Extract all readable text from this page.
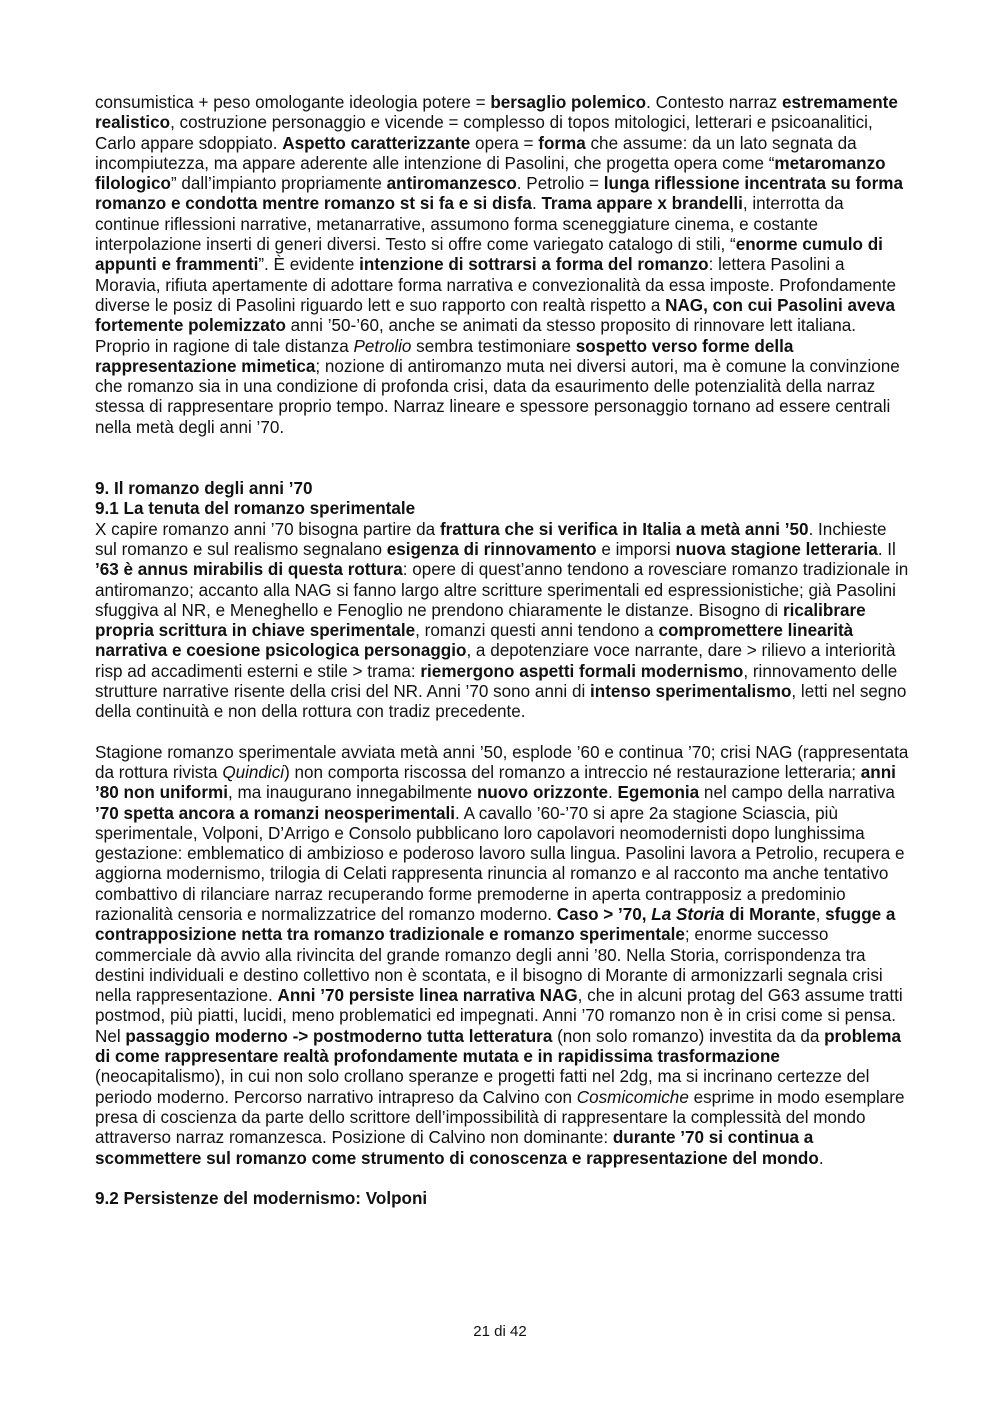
consumistica + peso omologante ideologia potere = bersaglio polemico. Contesto narraz estremamente realistico, costruzione personaggio e vicende = complesso di topos mitologici, letterari e psicoanalitici, Carlo appare sdoppiato. Aspetto caratterizzante opera = forma che assume: da un lato segnata da incompiutezza, ma appare aderente alle intenzione di Pasolini, che progetta opera come “metaromanzo filologico” dall’impianto propriamente antiromanzesco. Petrolio = lunga riflessione incentrata su forma romanzo e condotta mentre romanzo st si fa e si disfa. Trama appare x brandelli, interrotta da continue riflessioni narrative, metanarrative, assumono forma sceneggiature cinema, e costante interpolazione inserti di generi diversi. Testo si offre come variegato catalogo di stili, “enorme cumulo di appunti e frammenti”. È evidente intenzione di sottrarsi a forma del romanzo: lettera Pasolini a Moravia, rifiuta apertamente di adottare forma narrativa e convezionalità da essa imposte. Profondamente diverse le posiz di Pasolini riguardo lett e suo rapporto con realtà rispetto a NAG, con cui Pasolini aveva fortemente polemizzato anni ’50-’60, anche se animati da stesso proposito di rinnovare lett italiana. Proprio in ragione di tale distanza Petrolio sembra testimoniare sospetto verso forme della rappresentazione mimetica; nozione di antiromanzo muta nei diversi autori, ma è comune la convinzione che romanzo sia in una condizione di profonda crisi, data da esaurimento delle potenzialità della narraz stessa di rappresentare proprio tempo. Narraz lineare e spessore personaggio tornano ad essere centrali nella metà degli anni ’70.

9. Il romanzo degli anni ’70
9.1 La tenuta del romanzo sperimentale

X capire romanzo anni ’70 bisogna partire da frattura che si verifica in Italia a metà anni ’50. Inchieste sul romanzo e sul realismo segnalano esigenza di rinnovamento e imporsi nuova stagione letteraria. Il ’63 è annus mirabilis di questa rottura: opere di quest’anno tendono a rovesciare romanzo tradizionale in antiromanzo; accanto alla NAG si fanno largo altre scritture sperimentali ed espressionistiche; già Pasolini sfuggiva al NR, e Meneghello e Fenoglio ne prendono chiaramente le distanze. Bisogno di ricalibrare propria scrittura in chiave sperimentale, romanzi questi anni tendono a compromettere linearità narrativa e coesione psicologica personaggio, a depotenziare voce narrante, dare > rilievo a interiorità risp ad accadimenti esterni e stile > trama: riemergono aspetti formali modernismo, rinnovamento delle strutture narrative risente della crisi del NR. Anni ’70 sono anni di intenso sperimentalismo, letti nel segno della continuità e non della rottura con tradiz precedente.

Stagione romanzo sperimentale avviata metà anni ’50, esplode ’60 e continua ’70; crisi NAG (rappresentata da rottura rivista Quindici) non comporta riscossa del romanzo a intreccio né restaurazione letteraria; anni ’80 non uniformi, ma inaugurano innegabilmente nuovo orizzonte. Egemonia nel campo della narrativa ’70 spetta ancora a romanzi neosperimentali. A cavallo ’60-’70 si apre 2a stagione Sciascia, più sperimentale, Volponi, D’Arrigo e Consolo pubblicano loro capolavori neomodernisti dopo lunghissima gestazione: emblematico di ambizioso e poderoso lavoro sulla lingua. Pasolini lavora a Petrolio, recupera e aggiorna modernismo, trilogia di Celati rappresenta rinuncia al romanzo e al racconto ma anche tentativo combattivo di rilanciare narraz recuperando forme premoderne in aperta contrapposiz a predominio razionalità censoria e normalizzatrice del romanzo moderno. Caso > ’70, La Storia di Morante, sfugge a contrapposizione netta tra romanzo tradizionale e romanzo sperimentale; enorme successo commerciale dà avvio alla rivincita del grande romanzo degli anni ’80. Nella Storia, corrispondenza tra destini individuali e destino collettivo non è scontata, e il bisogno di Morante di armonizzarli segnala crisi nella rappresentazione. Anni ’70 persiste linea narrativa NAG, che in alcuni protag del G63 assume tratti postmod, più piatti, lucidi, meno problematici ed impegnati. Anni ’70 romanzo non è in crisi come si pensa. Nel passaggio moderno -> postmoderno tutta letteratura (non solo romanzo) investita da da problema di come rappresentare realtà profondamente mutata e in rapidissima trasformazione (neocapitalismo), in cui non solo crollano speranze e progetti fatti nel 2dg, ma si incrinano certezze del periodo moderno. Percorso narrativo intrapreso da Calvino con Cosmicomiche esprime in modo esemplare presa di coscienza da parte dello scrittore dell’impossibilità di rappresentare la complessità del mondo attraverso narraz romanzesca. Posizione di Calvino non dominante: durante ’70 si continua a scommettere sul romanzo come strumento di conoscenza e rappresentazione del mondo.

9.2 Persistenze del modernismo: Volponi
21 di 42
